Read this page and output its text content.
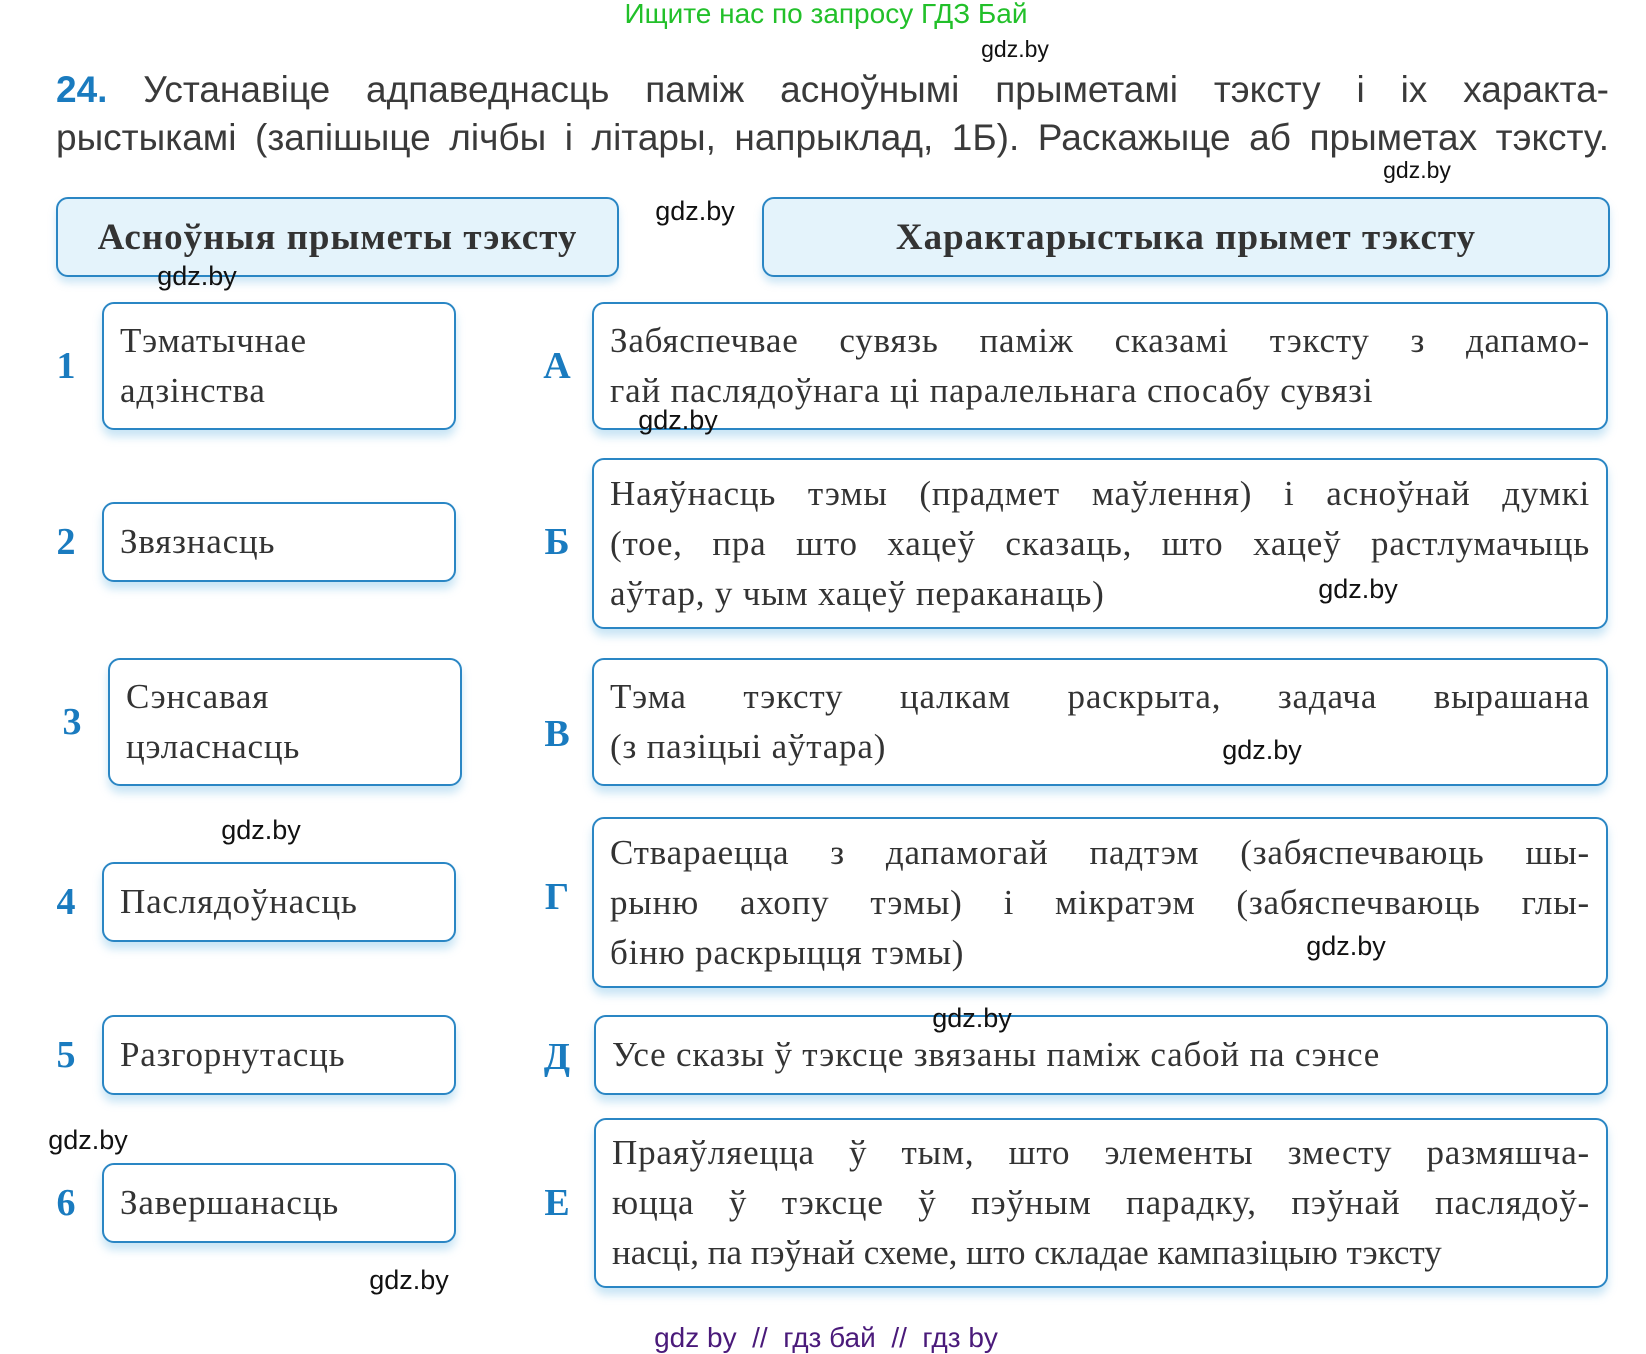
Ищите нас по запросу ГДЗ Бай
24. Устанавіце адпаведнасць паміж асноўнымі прыметамі тэксту і іх характа-
рыстыкамі (запішыце лічбы і літары, напрыклад, 1Б). Раскажыце аб прыметах тэксту.
Асноўныя прыметы тэксту	Характарыстыка прымет тэксту
1
Тэматычнае
адзінства
2 Звязнасць
3
Сэнсавая
цэласнасць
4 Паслядоўнасць
5 Разгорнутасць
6 Завершанасць
А
Забяспечвае сувязь паміж сказамі тэксту з дапамо-
гай паслядоўнага ці паралельнага спосабу сувязі
Б
Наяўнасць тэмы (прадмет маўлення) і асноўнай думкі
(тое, пра што хацеў сказаць, што хацеў растлумачыць
аўтар, у чым хацеў пераканаць)
В
Тэма тэксту цалкам раскрыта, задача вырашана
(з пазіцыі аўтара)
Г
Ствараецца з дапамогай падтэм (забяспечваюць шы-
рыню ахопу тэмы) і мікратэм (забяспечваюць глы-
біню раскрыцця тэмы)
Д Усе сказы ў тэксце звязаны паміж сабой па сэнсе
Е
Праяўляецца ў тым, што элементы зместу размяшча-
юцца ў тэксце ў пэўным парадку, пэўнай паслядоў-
насці, па пэўнай схеме, што складае кампазіцыю тэксту
gdz.by
gdz.by
gdz.by
gdz.by
gdz.by
gdz.by
gdz.by
gdz.by
gdz.by
gdz.by
gdz.by
gdz.by
gdz by  //  гдз бай  //  гдз by
